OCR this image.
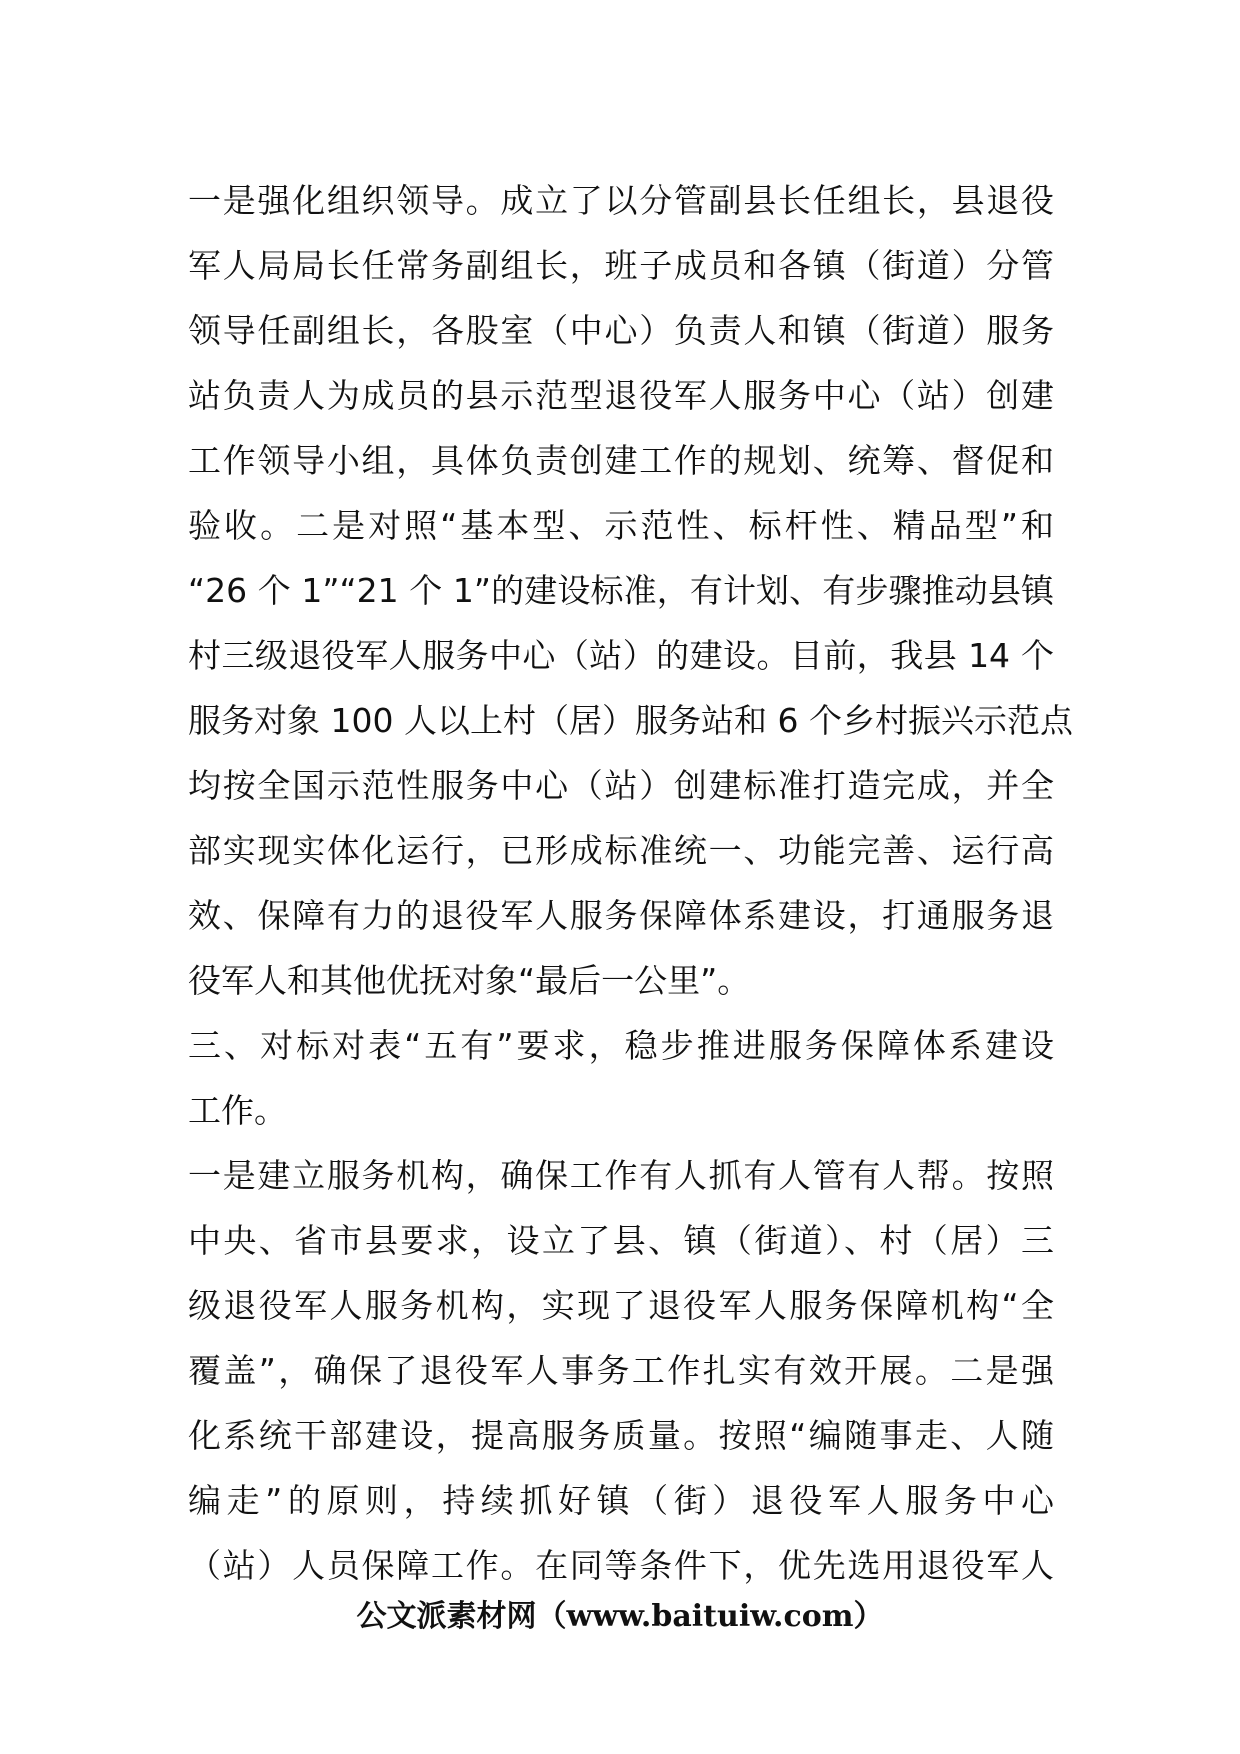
一是强化组织领导。成立了以分管副县长任组长，县退役
军人局局长任常务副组长，班子成员和各镇（街道）分管
领导任副组长，各股室（中心）负责人和镇（街道）服务
站负责人为成员的县示范型退役军人服务中心（站）创建
工作领导小组，具体负责创建工作的规划、统筹、督促和
验收。二是对照“基本型、示范性、标杆性、精品型”和
“26 个 1”“21 个 1”的建设标准，有计划、有步骤推动县镇
村三级退役军人服务中心（站）的建设。目前，我县 14 个
服务对象 100 人以上村（居）服务站和 6 个乡村振兴示范点
均按全国示范性服务中心（站）创建标准打造完成，并全
部实现实体化运行，已形成标准统一、功能完善、运行高
效、保障有力的退役军人服务保障体系建设，打通服务退
役军人和其他优抚对象“最后一公里”。
三、对标对表“五有”要求，稳步推进服务保障体系建设
工作。
一是建立服务机构，确保工作有人抓有人管有人帮。按照
中央、省市县要求，设立了县、镇（街道）、村（居）三
级退役军人服务机构，实现了退役军人服务保障机构“全
覆盖”，确保了退役军人事务工作扎实有效开展。二是强
化系统干部建设，提高服务质量。按照“编随事走、人随
编走”的原则，持续抓好镇（街）退役军人服务中心
（站）人员保障工作。在同等条件下，优先选用退役军人
公文派素材网（www.baituiw.com）
